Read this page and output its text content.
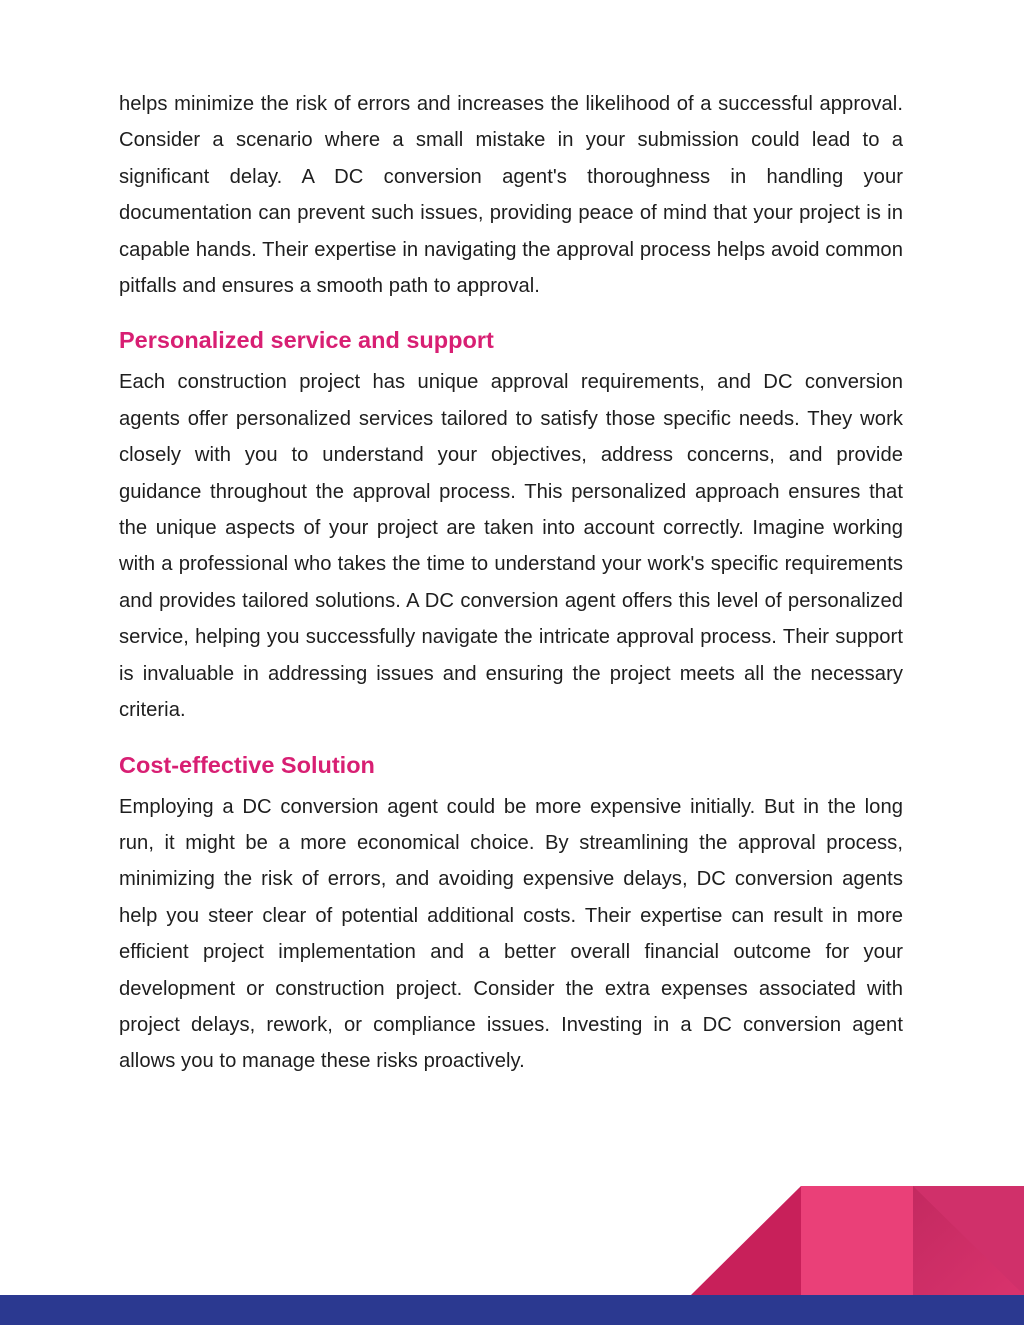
helps minimize the risk of errors and increases the likelihood of a successful approval. Consider a scenario where a small mistake in your submission could lead to a significant delay. A DC conversion agent's thoroughness in handling your documentation can prevent such issues, providing peace of mind that your project is in capable hands. Their expertise in navigating the approval process helps avoid common pitfalls and ensures a smooth path to approval.

Personalized service and support

Each construction project has unique approval requirements, and DC conversion agents offer personalized services tailored to satisfy those specific needs. They work closely with you to understand your objectives, address concerns, and provide guidance throughout the approval process. This personalized approach ensures that the unique aspects of your project are taken into account correctly. Imagine working with a professional who takes the time to understand your work's specific requirements and provides tailored solutions. A DC conversion agent offers this level of personalized service, helping you successfully navigate the intricate approval process. Their support is invaluable in addressing issues and ensuring the project meets all the necessary criteria.

Cost-effective Solution

Employing a DC conversion agent could be more expensive initially. But in the long run, it might be a more economical choice. By streamlining the approval process, minimizing the risk of errors, and avoiding expensive delays, DC conversion agents help you steer clear of potential additional costs. Their expertise can result in more efficient project implementation and a better overall financial outcome for your development or construction project. Consider the extra expenses associated with project delays, rework, or compliance issues. Investing in a DC conversion agent allows you to manage these risks proactively.
